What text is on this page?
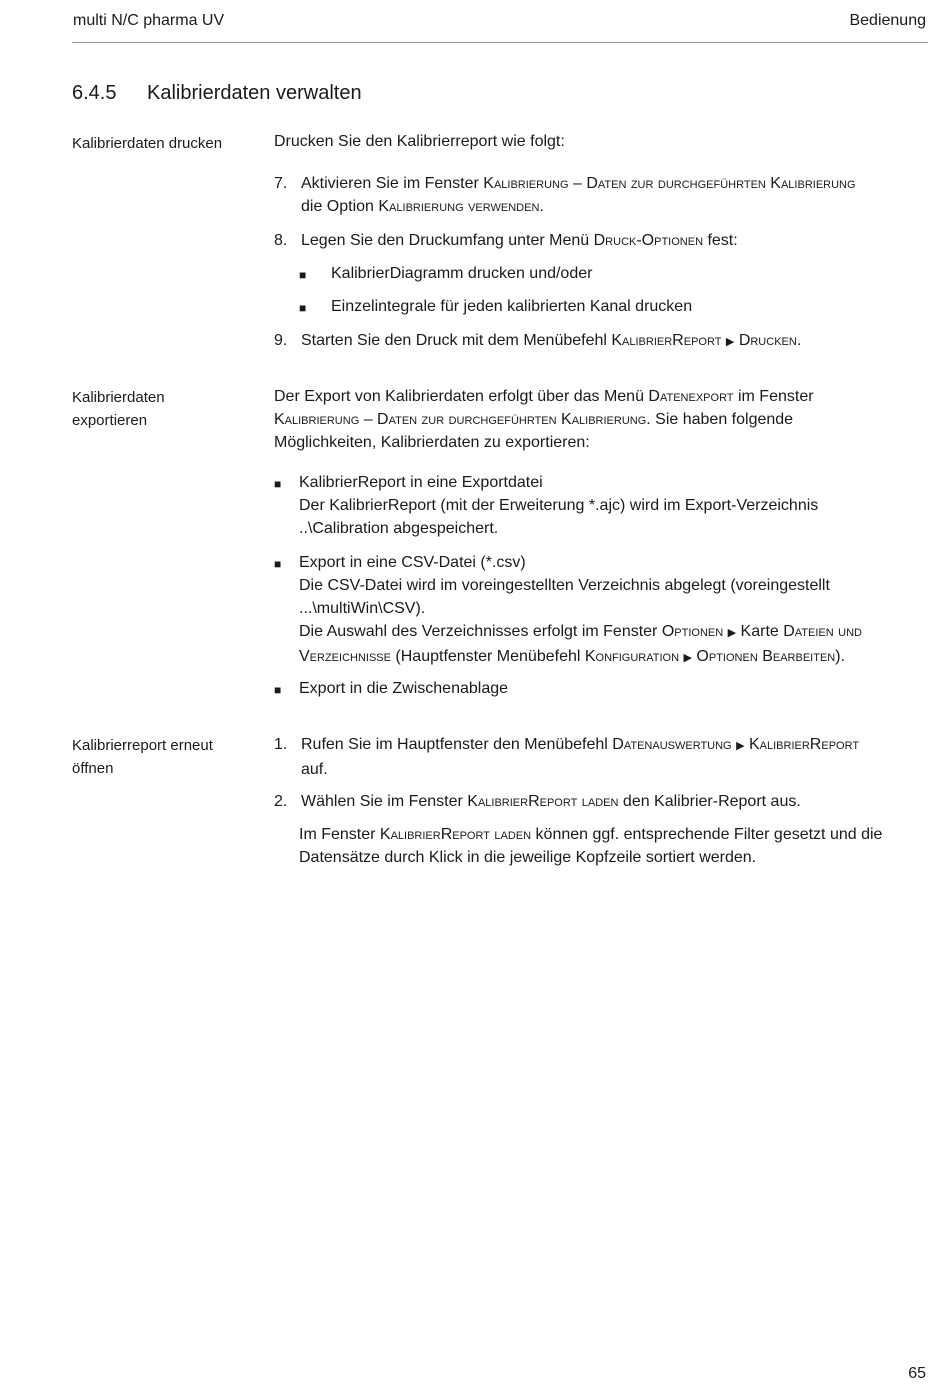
multi N/C pharma UV	Bedienung
6.4.5 Kalibrierdaten verwalten
Kalibrierdaten drucken	Drucken Sie den Kalibrierreport wie folgt:
7. Aktivieren Sie im Fenster Kalibrierung – Daten zur durchgeführten Kalibrierung
die Option Kalibrierung verwenden.
8. Legen Sie den Druckumfang unter Menü Druck-Optionen fest:
■ KalibrierDiagramm drucken und/oder
■ Einzelintegrale für jeden kalibrierten Kanal drucken
9. Starten Sie den Druck mit dem Menübefehl KalibrierReport ▶ Drucken.
Kalibrierdaten
exportieren
Der Export von Kalibrierdaten erfolgt über das Menü Datenexport im Fenster
Kalibrierung – Daten zur durchgeführten Kalibrierung. Sie haben folgende
Möglichkeiten, Kalibrierdaten zu exportieren:
■ KalibrierReport in eine Exportdatei
Der KalibrierReport (mit der Erweiterung *.ajc) wird im Export-Verzeichnis
..\Calibration abgespeichert.
■ Export in eine CSV-Datei (*.csv)
Die CSV-Datei wird im voreingestellten Verzeichnis abgelegt (voreingestellt
...\multiWin\CSV).
Die Auswahl des Verzeichnisses erfolgt im Fenster Optionen ▶ Karte Dateien und
Verzeichnisse (Hauptfenster Menübefehl Konfiguration ▶ Optionen Bearbeiten).
■ Export in die Zwischenablage
Kalibrierreport erneut
öffnen
1. Rufen Sie im Hauptfenster den Menübefehl Datenauswertung ▶ KalibrierReport
auf.
2. Wählen Sie im Fenster KalibrierReport laden den Kalibrier-Report aus.
Im Fenster KalibrierReport laden können ggf. entsprechende Filter gesetzt und die
Datensätze durch Klick in die jeweilige Kopfzeile sortiert werden.
65
